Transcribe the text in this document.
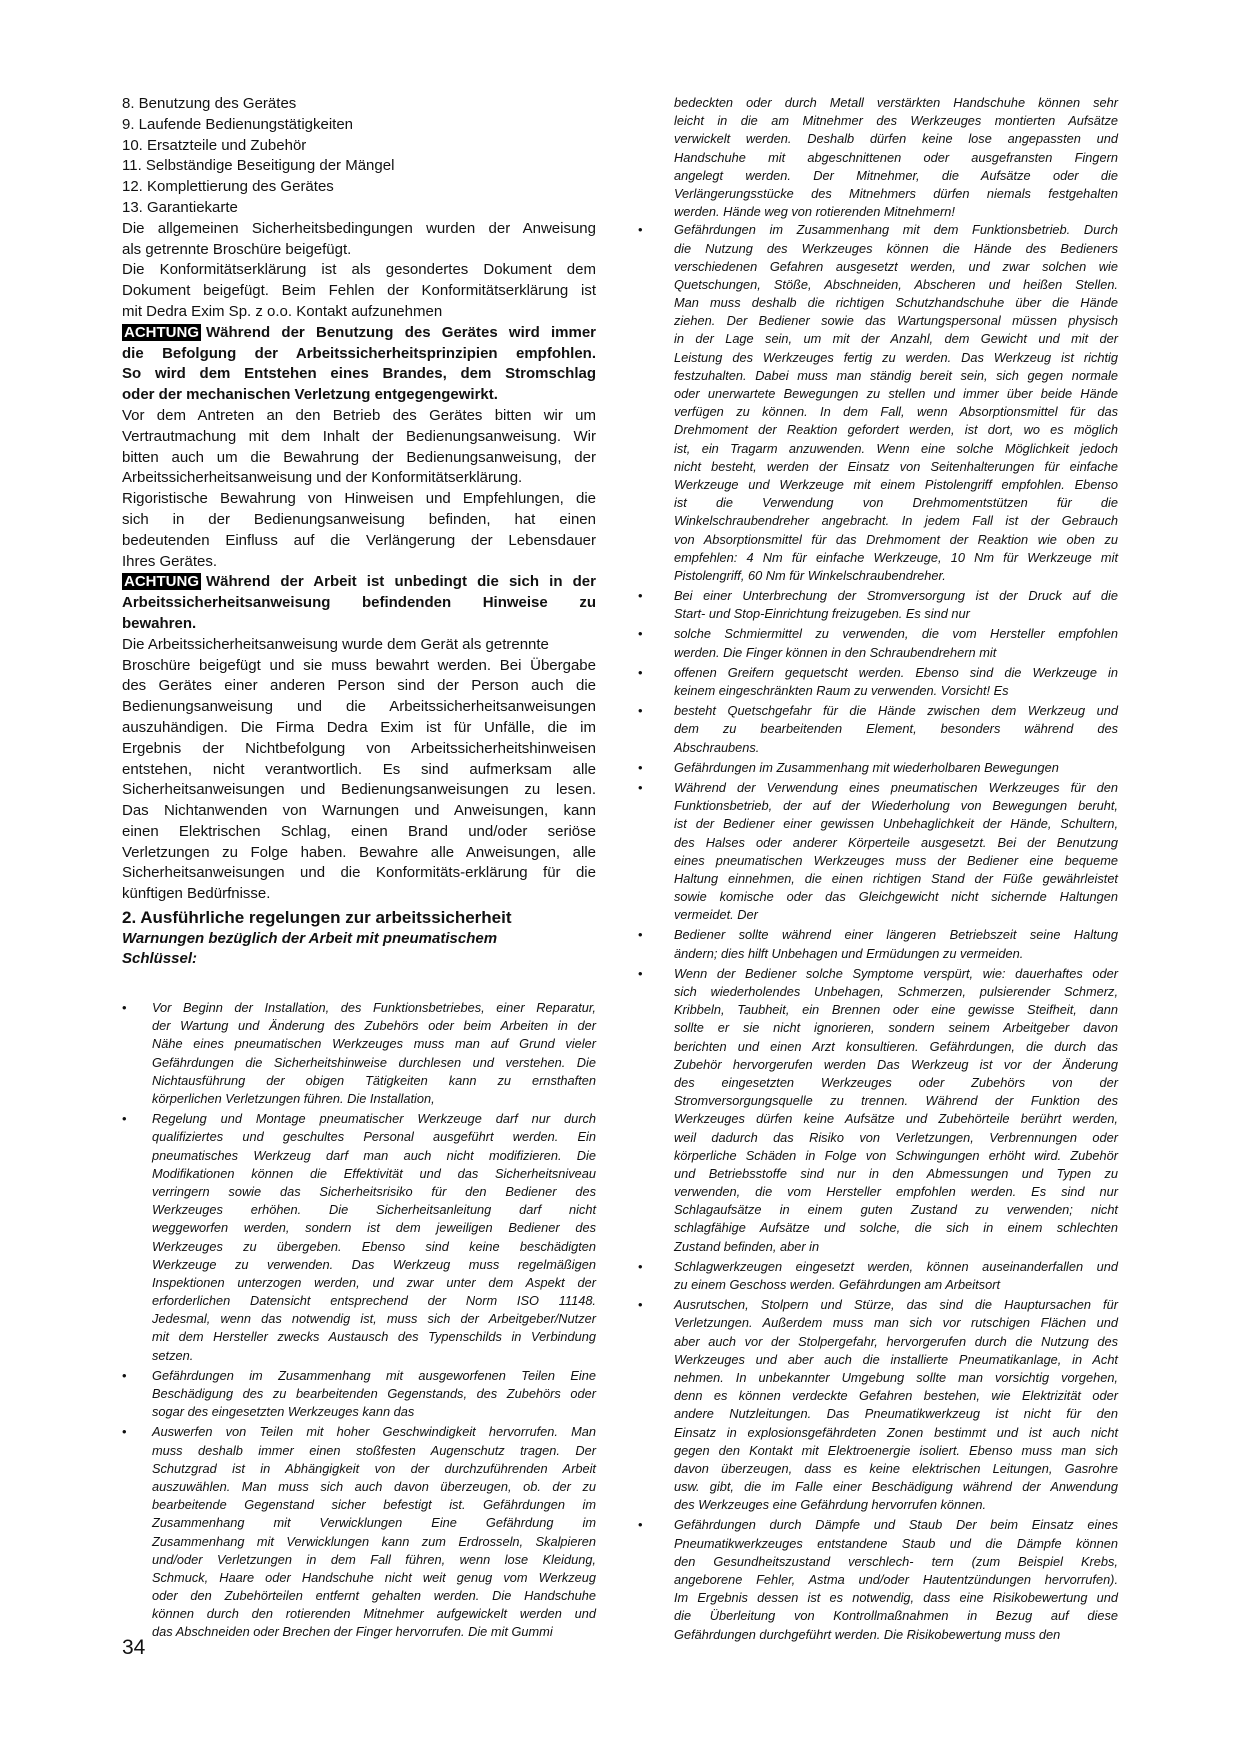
8. Benutzung des Gerätes
9. Laufende Bedienungstätigkeiten
10. Ersatzteile und Zubehör
11. Selbständige Beseitigung der Mängel
12. Komplettierung des Gerätes
13. Garantiekarte
Die allgemeinen Sicherheitsbedingungen wurden der Anweisung
als getrennte Broschüre beigefügt.
Die Konformitätserklärung ist als gesondertes Dokument dem
Dokument beigefügt. Beim Fehlen der Konformitätserklärung ist
mit Dedra Exim Sp. z o.o. Kontakt aufzunehmen
ACHTUNG Während der Benutzung des Gerätes wird immer
die Befolgung der Arbeitssicherheitsprinzipien empfohlen.
So wird dem Entstehen eines Brandes, dem Stromschlag
oder der mechanischen Verletzung entgegengewirkt.
Vor dem Antreten an den Betrieb des Gerätes bitten wir um
Vertrautmachung mit dem Inhalt der Bedienungsanweisung. Wir
bitten auch um die Bewahrung der Bedienungsanweisung, der
Arbeitssicherheitsanweisung und der Konformitätserklärung.
Rigoristische Bewahrung von Hinweisen und Empfehlungen, die
sich in der Bedienungsanweisung befinden, hat einen
bedeutenden Einfluss auf die Verlängerung der Lebensdauer
Ihres Gerätes.
ACHTUNG Während der Arbeit ist unbedingt die sich in der
Arbeitssicherheitsanweisung befindenden Hinweise zu
bewahren.
Die Arbeitssicherheitsanweisung wurde dem Gerät als getrennte
Broschüre beigefügt und sie muss bewahrt werden. Bei Übergabe
des Gerätes einer anderen Person sind der Person auch die
Bedienungsanweisung und die Arbeitssicherheitsanweisungen
auszuhändigen. Die Firma Dedra Exim ist für Unfälle, die im
Ergebnis der Nichtbefolgung von Arbeitssicherheitshinweisen
entstehen, nicht verantwortlich. Es sind aufmerksam alle
Sicherheitsanweisungen und Bedienungsanweisungen zu lesen.
Das Nichtanwenden von Warnungen und Anweisungen, kann
einen Elektrischen Schlag, einen Brand und/oder seriöse
Verletzungen zu Folge haben. Bewahre alle Anweisungen, alle
Sicherheitsanweisungen und die Konformitäts-erklärung für die
künftigen Bedürfnisse.
2. Ausführliche regelungen zur arbeitssicherheit
Warnungen bezüglich der Arbeit mit pneumatischem
Schlüssel:
• Vor Beginn der Installation, des Funktionsbetriebes, einer Reparatur,
der Wartung und Änderung des Zubehörs oder beim Arbeiten in der
Nähe eines pneumatischen Werkzeuges muss man auf Grund vieler
Gefährdungen die Sicherheitshinweise durchlesen und verstehen. Die
Nichtausführung der obigen Tätigkeiten kann zu ernsthaften
körperlichen Verletzungen führen. Die Installation,
• Regelung und Montage pneumatischer Werkzeuge darf nur durch
qualifiziertes und geschultes Personal ausgeführt werden. Ein
pneumatisches Werkzeug darf man auch nicht modifizieren. Die
Modifikationen können die Effektivität und das Sicherheitsniveau
verringern sowie das Sicherheitsrisiko für den Bediener des
Werkzeuges erhöhen. Die Sicherheitsanleitung darf nicht
weggeworfen werden, sondern ist dem jeweiligen Bediener des
Werkzeuges zu übergeben. Ebenso sind keine beschädigten
Werkzeuge zu verwenden. Das Werkzeug muss regelmäßigen
Inspektionen unterzogen werden, und zwar unter dem Aspekt der
erforderlichen Datensicht entsprechend der Norm ISO 11148.
Jedesmal, wenn das notwendig ist, muss sich der Arbeitgeber/Nutzer
mit dem Hersteller zwecks Austausch des Typenschilds in Verbindung
setzen.
• Gefährdungen im Zusammenhang mit ausgeworfenen Teilen Eine
Beschädigung des zu bearbeitenden Gegenstands, des Zubehörs oder
sogar des eingesetzten Werkzeuges kann das
• Auswerfen von Teilen mit hoher Geschwindigkeit hervorrufen. Man
muss deshalb immer einen stoßfesten Augenschutz tragen. Der
Schutzgrad ist in Abhängigkeit von der durchzuführenden Arbeit
auszuwählen. Man muss sich auch davon überzeugen, ob. der zu
bearbeitende Gegenstand sicher befestigt ist. Gefährdungen im
Zusammenhang mit Verwicklungen Eine Gefährdung im
Zusammenhang mit Verwicklungen kann zum Erdrosseln, Skalpieren
und/oder Verletzungen in dem Fall führen, wenn lose Kleidung,
Schmuck, Haare oder Handschuhe nicht weit genug vom Werkzeug
oder den Zubehörteilen entfernt gehalten werden. Die Handschuhe
können durch den rotierenden Mitnehmer aufgewickelt werden und
das Abschneiden oder Brechen der Finger hervorrufen. Die mit Gummi
bedeckten oder durch Metall verstärkten Handschuhe können sehr
leicht in die am Mitnehmer des Werkzeuges montierten Aufsätze
verwickelt werden. Deshalb dürfen keine lose angepassten und
Handschuhe mit abgeschnittenen oder ausgefransten Fingern
angelegt werden. Der Mitnehmer, die Aufsätze oder die
Verlängerungsstücke des Mitnehmers dürfen niemals festgehalten
werden. Hände weg von rotierenden Mitnehmern!
• Gefährdungen im Zusammenhang mit dem Funktionsbetrieb. Durch
die Nutzung des Werkzeuges können die Hände des Bedieners
verschiedenen Gefahren ausgesetzt werden, und zwar solchen wie
Quetschungen, Stöße, Abschneiden, Abscheren und heißen Stellen.
Man muss deshalb die richtigen Schutzhandschuhe über die Hände
ziehen. Der Bediener sowie das Wartungspersonal müssen physisch
in der Lage sein, um mit der Anzahl, dem Gewicht und mit der
Leistung des Werkzeuges fertig zu werden. Das Werkzeug ist richtig
festzuhalten. Dabei muss man ständig bereit sein, sich gegen normale
oder unerwartete Bewegungen zu stellen und immer über beide Hände
verfügen zu können. In dem Fall, wenn Absorptionsmittel für das
Drehmoment der Reaktion gefordert werden, ist dort, wo es möglich
ist, ein Tragarm anzuwenden. Wenn eine solche Möglichkeit jedoch
nicht besteht, werden der Einsatz von Seitenhalterungen für einfache
Werkzeuge und Werkzeuge mit einem Pistolengriff empfohlen. Ebenso
ist die Verwendung von Drehmomentstützen für die
Winkelschraubendreher angebracht. In jedem Fall ist der Gebrauch
von Absorptionsmittel für das Drehmoment der Reaktion wie oben zu
empfehlen: 4 Nm für einfache Werkzeuge, 10 Nm für Werkzeuge mit
Pistolengriff, 60 Nm für Winkelschraubendreher.
• Bei einer Unterbrechung der Stromversorgung ist der Druck auf die
Start- und Stop-Einrichtung freizugeben. Es sind nur
• solche Schmiermittel zu verwenden, die vom Hersteller empfohlen
werden. Die Finger können in den Schraubendrehern mit
• offenen Greifern gequetscht werden. Ebenso sind die Werkzeuge in
keinem eingeschränkten Raum zu verwenden. Vorsicht! Es
• besteht Quetschgefahr für die Hände zwischen dem Werkzeug und
dem zu bearbeitenden Element, besonders während des
Abschraubens.
• Gefährdungen im Zusammenhang mit wiederholbaren Bewegungen
• Während der Verwendung eines pneumatischen Werkzeuges für den
Funktionsbetrieb, der auf der Wiederholung von Bewegungen beruht,
ist der Bediener einer gewissen Unbehaglichkeit der Hände, Schultern,
des Halses oder anderer Körperteile ausgesetzt. Bei der Benutzung
eines pneumatischen Werkzeuges muss der Bediener eine bequeme
Haltung einnehmen, die einen richtigen Stand der Füße gewährleistet
sowie komische oder das Gleichgewicht nicht sichernde Haltungen
vermeidet. Der
• Bediener sollte während einer längeren Betriebszeit seine Haltung
ändern; dies hilft Unbehagen und Ermüdungen zu vermeiden.
• Wenn der Bediener solche Symptome verspürt, wie: dauerhaftes oder
sich wiederholendes Unbehagen, Schmerzen, pulsierender Schmerz,
Kribbeln, Taubheit, ein Brennen oder eine gewisse Steifheit, dann
sollte er sie nicht ignorieren, sondern seinem Arbeitgeber davon
berichten und einen Arzt konsultieren. Gefährdungen, die durch das
Zubehör hervorgerufen werden Das Werkzeug ist vor der Änderung
des eingesetzten Werkzeuges oder Zubehörs von der
Stromversorgungsquelle zu trennen. Während der Funktion des
Werkzeuges dürfen keine Aufsätze und Zubehörteile berührt werden,
weil dadurch das Risiko von Verletzungen, Verbrennungen oder
körperliche Schäden in Folge von Schwingungen erhöht wird. Zubehör
und Betriebsstoffe sind nur in den Abmessungen und Typen zu
verwenden, die vom Hersteller empfohlen werden. Es sind nur
Schlagaufsätze in einem guten Zustand zu verwenden; nicht
schlagfähige Aufsätze und solche, die sich in einem schlechten
Zustand befinden, aber in
• Schlagwerkzeugen eingesetzt werden, können auseinanderfallen und
zu einem Geschoss werden. Gefährdungen am Arbeitsort
• Ausrutschen, Stolpern und Stürze, das sind die Hauptursachen für
Verletzungen. Außerdem muss man sich vor rutschigen Flächen und
aber auch vor der Stolpergefahr, hervorgerufen durch die Nutzung des
Werkzeuges und aber auch die installierte Pneumatikanlage, in Acht
nehmen. In unbekannter Umgebung sollte man vorsichtig vorgehen,
denn es können verdeckte Gefahren bestehen, wie Elektrizität oder
andere Nutzleitungen. Das Pneumatikwerkzeug ist nicht für den
Einsatz in explosionsgefährdeten Zonen bestimmt und ist auch nicht
gegen den Kontakt mit Elektroenergie isoliert. Ebenso muss man sich
davon überzeugen, dass es keine elektrischen Leitungen, Gasrohre
usw. gibt, die im Falle einer Beschädigung während der Anwendung
des Werkzeuges eine Gefährdung hervorrufen können.
• Gefährdungen durch Dämpfe und Staub Der beim Einsatz eines
Pneumatikwerkzeuges entstandene Staub und die Dämpfe können
den Gesundheitszustand verschlech- tern (zum Beispiel Krebs,
angeborene Fehler, Astma und/oder Hautentzündungen hervorrufen).
Im Ergebnis dessen ist es notwendig, dass eine Risikobewertung und
die Überleitung von Kontrollmaßnahmen in Bezug auf diese
Gefährdungen durchgeführt werden. Die Risikobewertung muss den
34
